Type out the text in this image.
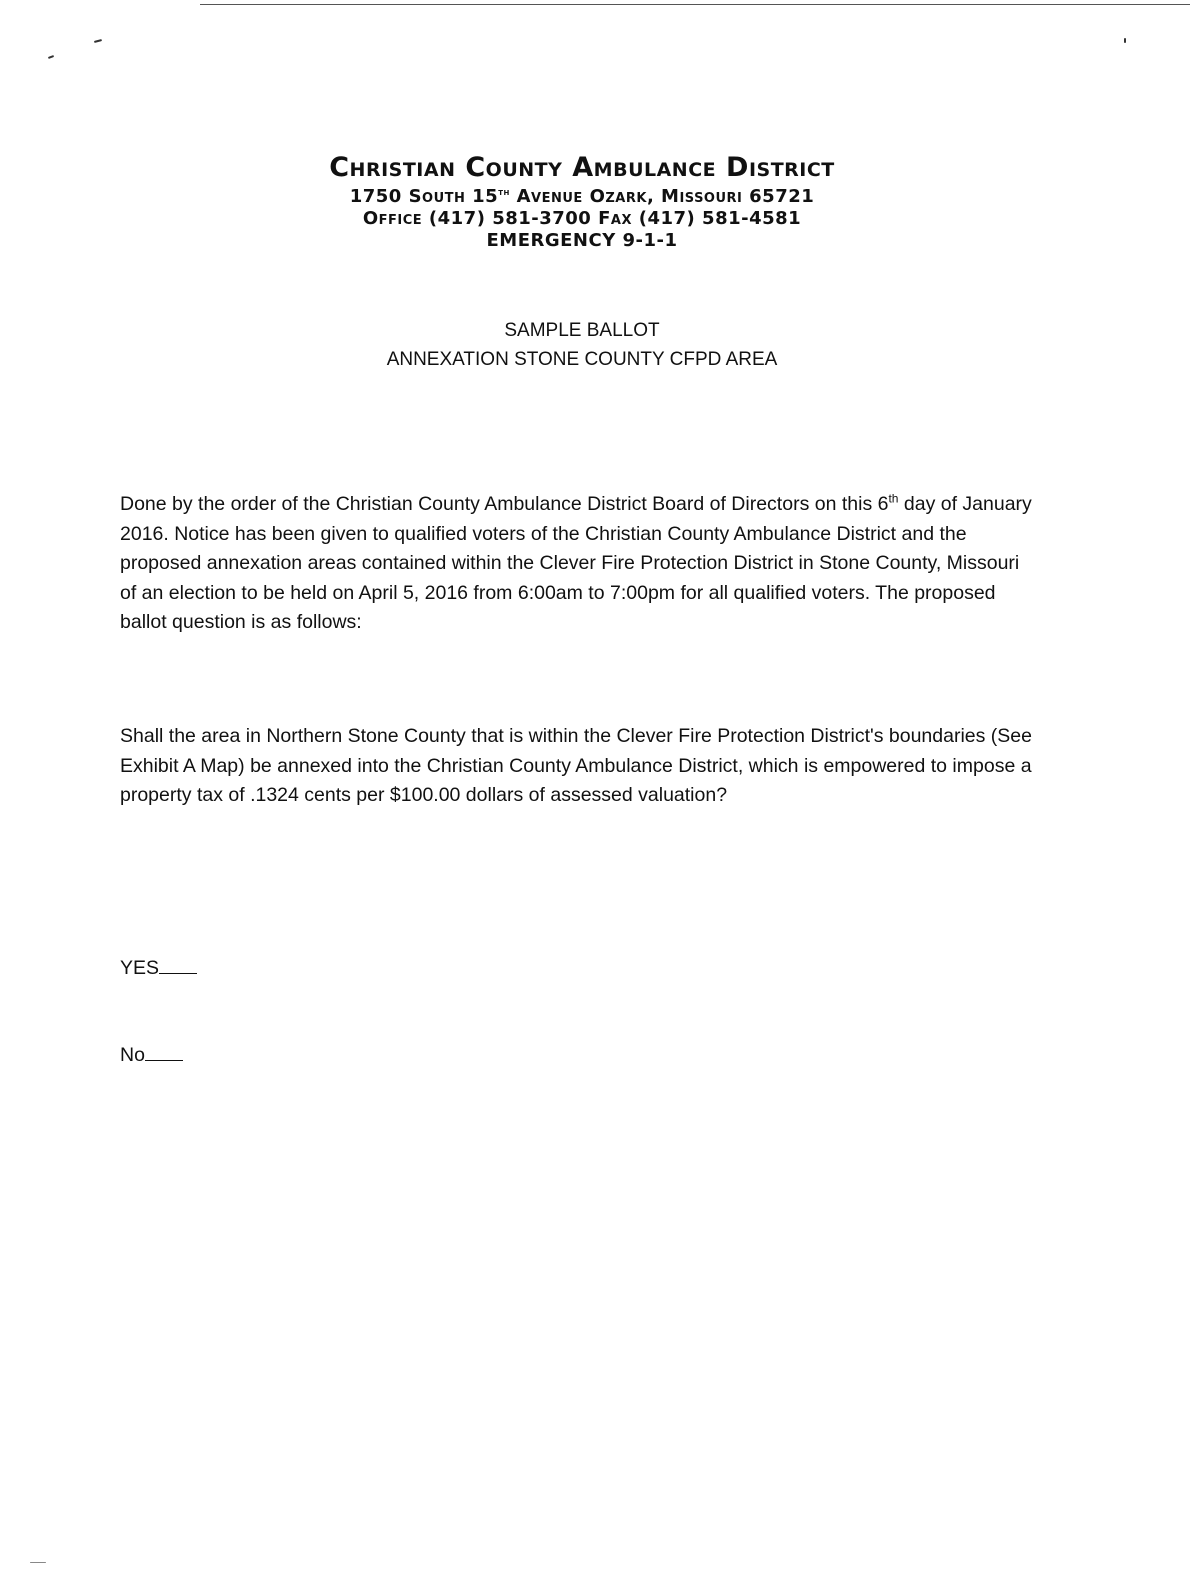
Christian County Ambulance District
1750 South 15th Avenue Ozark, Missouri 65721
Office (417) 581-3700 Fax (417) 581-4581
EMERGENCY 9-1-1
SAMPLE BALLOT
ANNEXATION STONE COUNTY CFPD AREA
Done by the order of the Christian County Ambulance District Board of Directors on this 6th day of January 2016. Notice has been given to qualified voters of the Christian County Ambulance District and the proposed annexation areas contained within the Clever Fire Protection District in Stone County, Missouri of an election to be held on April 5, 2016 from 6:00am to 7:00pm for all qualified voters. The proposed ballot question is as follows:
Shall the area in Northern Stone County that is within the Clever Fire Protection District's boundaries (See Exhibit A Map) be annexed into the Christian County Ambulance District, which is empowered to impose a property tax of .1324 cents per $100.00 dollars of assessed valuation?
YES
No
